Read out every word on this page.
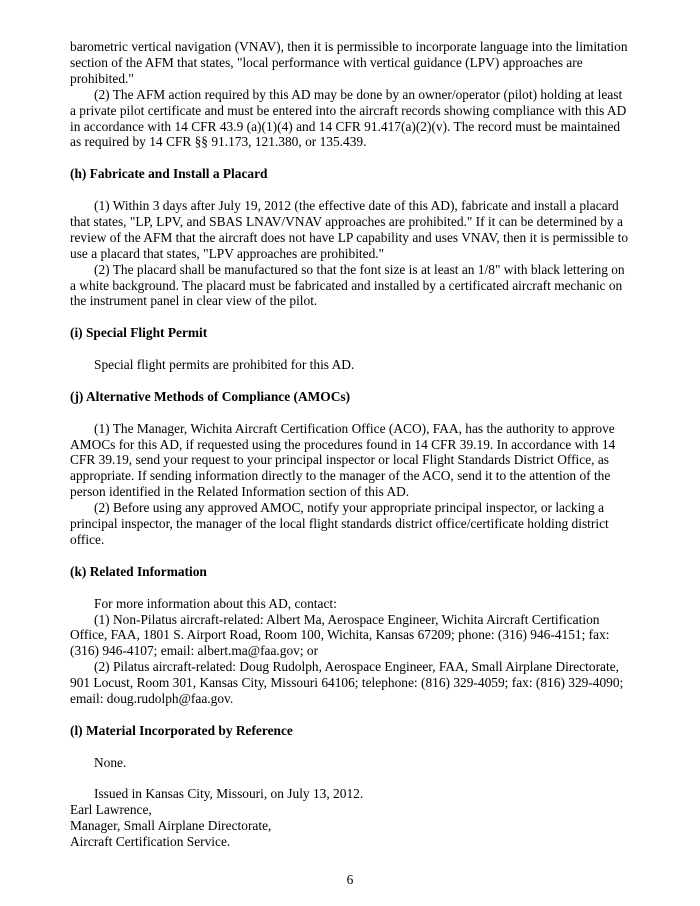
barometric vertical navigation (VNAV), then it is permissible to incorporate language into the limitation section of the AFM that states, "local performance with vertical guidance (LPV) approaches are prohibited."

(2) The AFM action required by this AD may be done by an owner/operator (pilot) holding at least a private pilot certificate and must be entered into the aircraft records showing compliance with this AD in accordance with 14 CFR 43.9 (a)(1)(4) and 14 CFR 91.417(a)(2)(v). The record must be maintained as required by 14 CFR §§ 91.173, 121.380, or 135.439.

(h) Fabricate and Install a Placard

(1) Within 3 days after July 19, 2012 (the effective date of this AD), fabricate and install a placard that states, "LP, LPV, and SBAS LNAV/VNAV approaches are prohibited." If it can be determined by a review of the AFM that the aircraft does not have LP capability and uses VNAV, then it is permissible to use a placard that states, "LPV approaches are prohibited."

(2) The placard shall be manufactured so that the font size is at least an 1/8" with black lettering on a white background. The placard must be fabricated and installed by a certificated aircraft mechanic on the instrument panel in clear view of the pilot.

(i) Special Flight Permit

Special flight permits are prohibited for this AD.

(j) Alternative Methods of Compliance (AMOCs)

(1) The Manager, Wichita Aircraft Certification Office (ACO), FAA, has the authority to approve AMOCs for this AD, if requested using the procedures found in 14 CFR 39.19. In accordance with 14 CFR 39.19, send your request to your principal inspector or local Flight Standards District Office, as appropriate. If sending information directly to the manager of the ACO, send it to the attention of the person identified in the Related Information section of this AD.

(2) Before using any approved AMOC, notify your appropriate principal inspector, or lacking a principal inspector, the manager of the local flight standards district office/certificate holding district office.

(k) Related Information

For more information about this AD, contact:

(1) Non-Pilatus aircraft-related: Albert Ma, Aerospace Engineer, Wichita Aircraft Certification Office, FAA, 1801 S. Airport Road, Room 100, Wichita, Kansas 67209; phone: (316) 946-4151; fax: (316) 946-4107; email: albert.ma@faa.gov; or

(2) Pilatus aircraft-related: Doug Rudolph, Aerospace Engineer, FAA, Small Airplane Directorate, 901 Locust, Room 301, Kansas City, Missouri 64106; telephone: (816) 329-4059; fax: (816) 329-4090; email: doug.rudolph@faa.gov.

(l) Material Incorporated by Reference

None.

Issued in Kansas City, Missouri, on July 13, 2012.

Earl Lawrence,

Manager, Small Airplane Directorate,

Aircraft Certification Service.

6
